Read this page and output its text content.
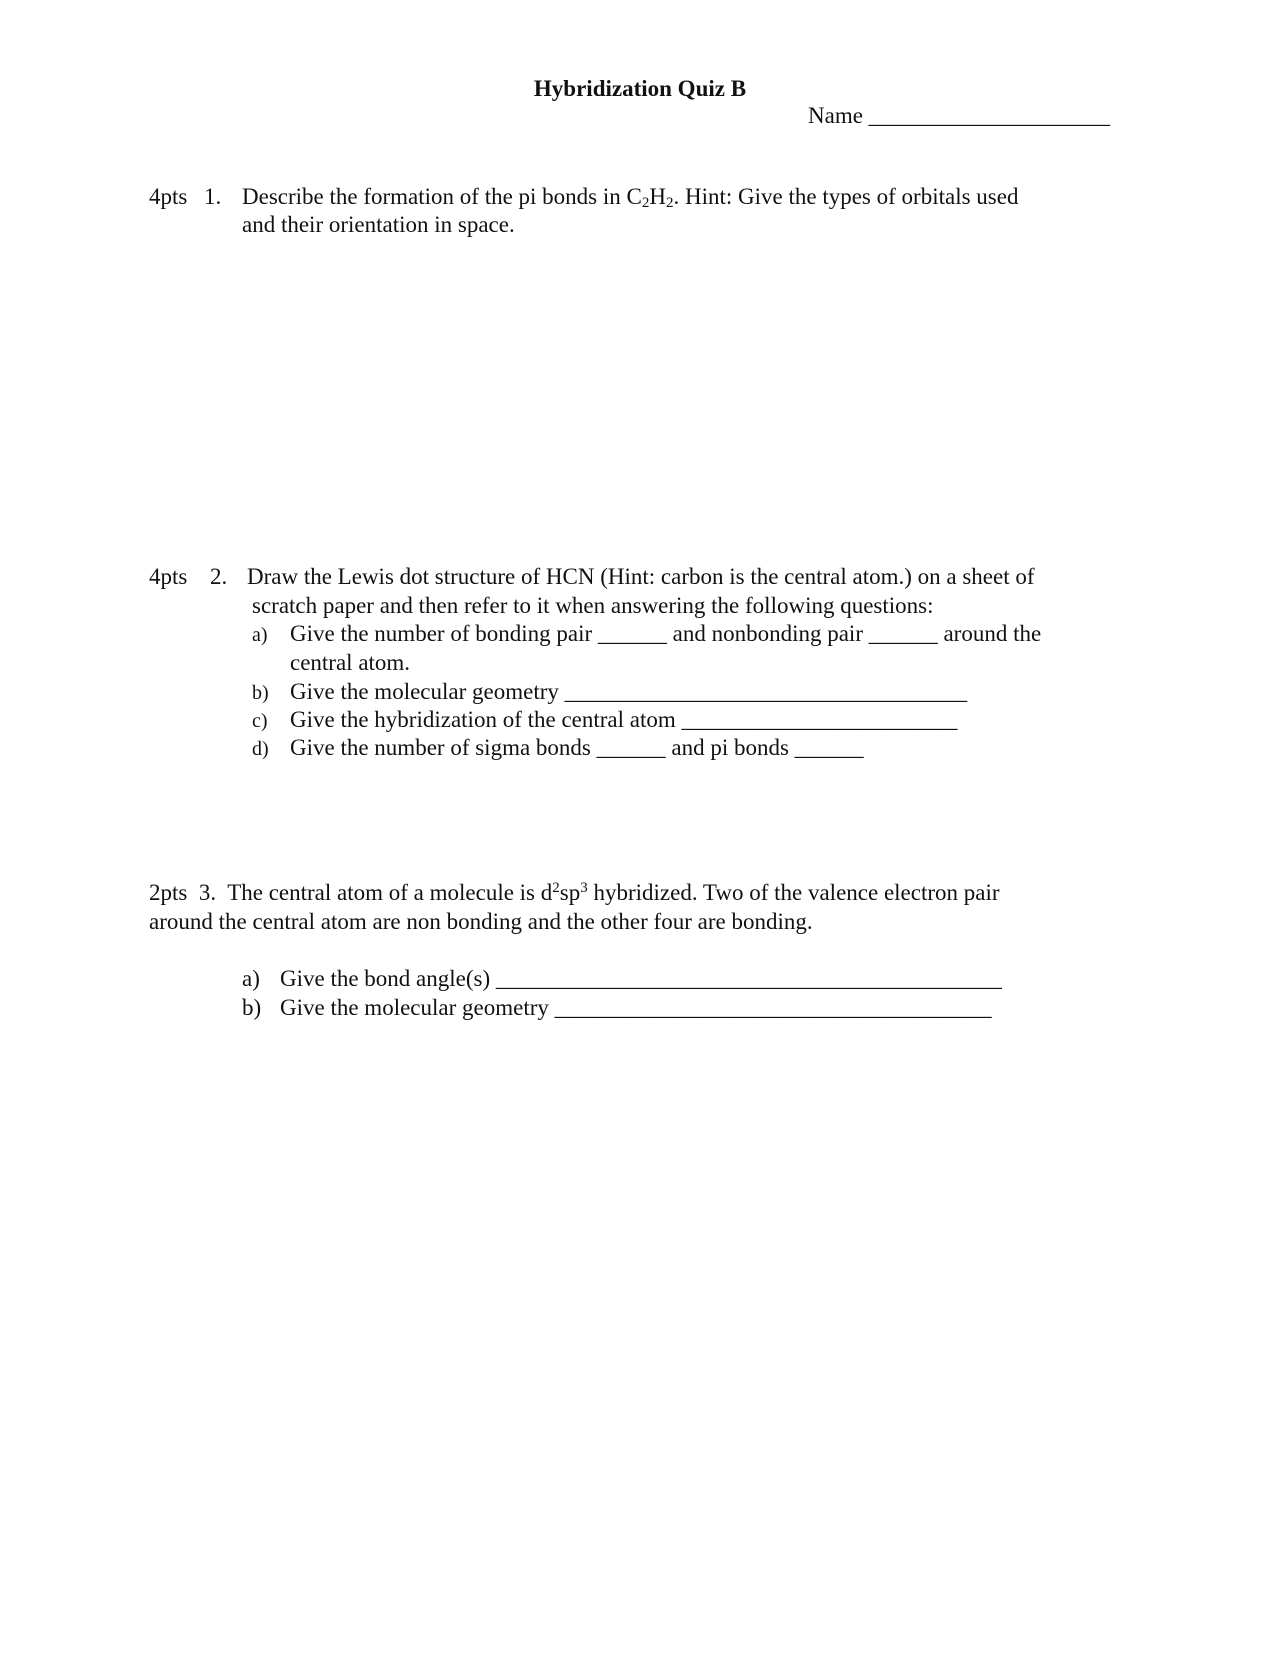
Hybridization Quiz B
Name _____________________
4pts 1. Describe the formation of the pi bonds in $C_2H_2$. Hint: Give the types of orbitals used
and their orientation in space.
4pts 2. Draw the Lewis dot structure of HCN (Hint: carbon is the central atom.) on a sheet of
scratch paper and then refer to it when answering the following questions:
a) Give the number of bonding pair ______ and nonbonding pair ______ around the
central atom.
b) Give the molecular geometry ___________________________________
c) Give the hybridization of the central atom ________________________
d) Give the number of sigma bonds ______ and pi bonds ______
2pts 3. The central atom of a molecule is $d^2sp^3$ hybridized. Two of the valence electron pair
around the central atom are non bonding and the other four are bonding.
a) Give the bond angle(s) ____________________________________________
b) Give the molecular geometry ______________________________________
